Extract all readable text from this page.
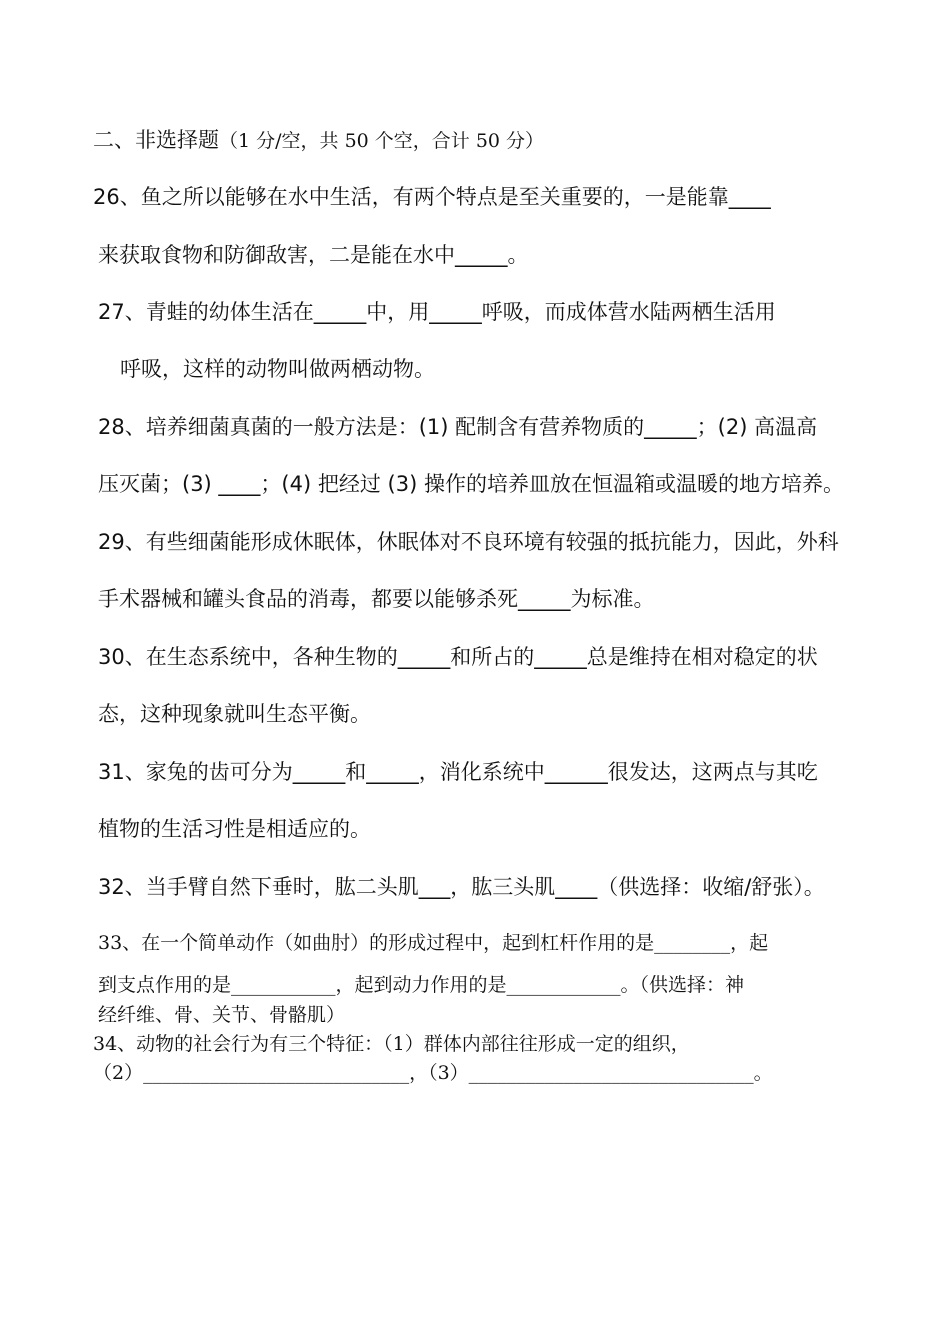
二、非选择题（1 分/空，共 50 个空，合计 50 分）
26、鱼之所以能够在水中生活，有两个特点是至关重要的，一是能靠____
来获取食物和防御敌害，二是能在水中_____。
27、青蛙的幼体生活在_____中，用_____呼吸，而成体营水陆两栖生活用
呼吸，这样的动物叫做两栖动物。
28、培养细菌真菌的一般方法是：(1) 配制含有营养物质的_____；(2) 高温高
压灭菌；(3) ____；(4) 把经过 (3) 操作的培养皿放在恒温箱或温暖的地方培养。
29、有些细菌能形成休眠体，休眠体对不良环境有较强的抵抗能力，因此，外科
手术器械和罐头食品的消毒，都要以能够杀死_____为标准。
30、在生态系统中，各种生物的_____和所占的_____总是维持在相对稳定的状
态，这种现象就叫生态平衡。
31、家兔的齿可分为_____和_____，消化系统中______很发达，这两点与其吃
植物的生活习性是相适应的。
32、当手臂自然下垂时，肱二头肌___，肱三头肌____（供选择：收缩/舒张）。
33、在一个简单动作（如曲肘）的形成过程中，起到杠杆作用的是________，起
到支点作用的是___________，起到动力作用的是____________。（供选择：神
经纤维、骨、关节、骨骼肌）
34、动物的社会行为有三个特征：（1）群体内部往往形成一定的组织，
（2）____________________________，（3）______________________________。
